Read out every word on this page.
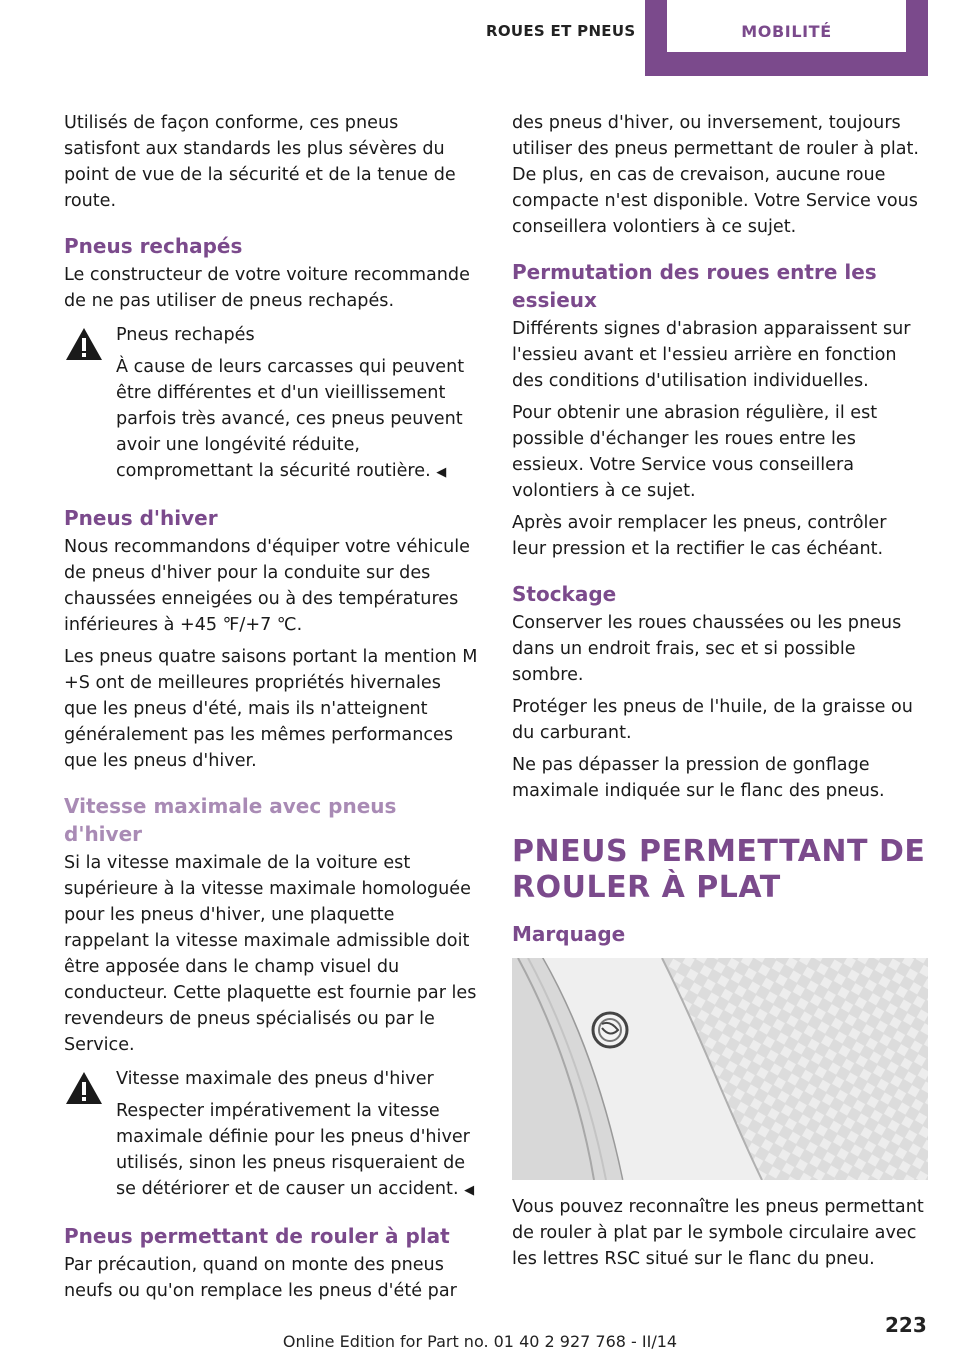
ROUES ET PNEUS	MOBILITÉ

Utilisés de façon conforme, ces pneus satisfont aux standards les plus sévères du point de vue de la sécurité et de la tenue de route.

Pneus rechapés

Le constructeur de votre voiture recommande de ne pas utiliser de pneus rechapés.

Pneus rechapés

À cause de leurs carcasses qui peuvent être différentes et d'un vieillissement parfois très avancé, ces pneus peuvent avoir une longévité réduite, compromettant la sécurité routière. ◀

Pneus d'hiver

Nous recommandons d'équiper votre véhicule de pneus d'hiver pour la conduite sur des chaussées enneigées ou à des températures inférieures à +45 ℉/+7 ℃.

Les pneus quatre saisons portant la mention M +S ont de meilleures propriétés hivernales que les pneus d'été, mais ils n'atteignent généralement pas les mêmes performances que les pneus d'hiver.

Vitesse maximale avec pneus d'hiver

Si la vitesse maximale de la voiture est supérieure à la vitesse maximale homologuée pour les pneus d'hiver, une plaquette rappelant la vitesse maximale admissible doit être apposée dans le champ visuel du conducteur. Cette plaquette est fournie par les revendeurs de pneus spécialisés ou par le Service.

Vitesse maximale des pneus d'hiver

Respecter impérativement la vitesse maximale définie pour les pneus d'hiver utilisés, sinon les pneus risqueraient de se détériorer et de causer un accident. ◀

Pneus permettant de rouler à plat

Par précaution, quand on monte des pneus neufs ou qu'on remplace les pneus d'été par

des pneus d'hiver, ou inversement, toujours utiliser des pneus permettant de rouler à plat. De plus, en cas de crevaison, aucune roue compacte n'est disponible. Votre Service vous conseillera volontiers à ce sujet.

Permutation des roues entre les essieux

Différents signes d'abrasion apparaissent sur l'essieu avant et l'essieu arrière en fonction des conditions d'utilisation individuelles.

Pour obtenir une abrasion régulière, il est possible d'échanger les roues entre les essieux. Votre Service vous conseillera volontiers à ce sujet.

Après avoir remplacer les pneus, contrôler leur pression et la rectifier le cas échéant.

Stockage

Conserver les roues chaussées ou les pneus dans un endroit frais, sec et si possible sombre.

Protéger les pneus de l'huile, de la graisse ou du carburant.

Ne pas dépasser la pression de gonflage maximale indiquée sur le flanc des pneus.

PNEUS PERMETTANT DE ROULER À PLAT
Marquage

Vous pouvez reconnaître les pneus permettant de rouler à plat par le symbole circulaire avec les lettres RSC situé sur le flanc du pneu.

223
Online Edition for Part no. 01 40 2 927 768 - II/14
